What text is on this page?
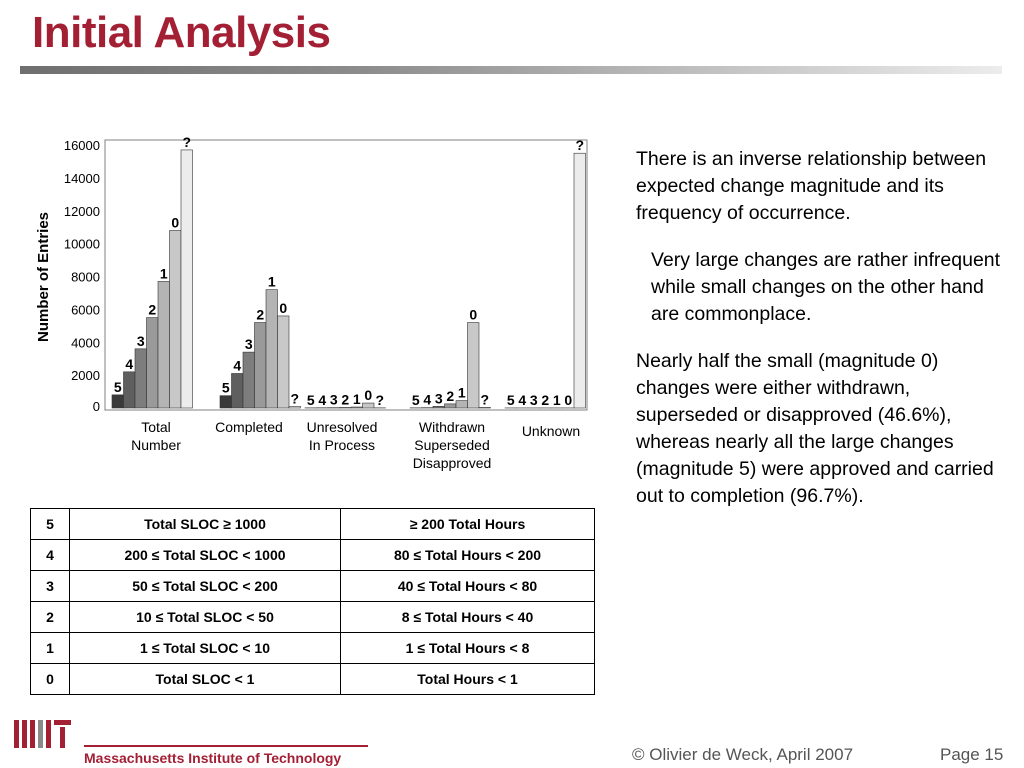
Initial Analysis
Number of Entries
0
2000
4000
6000
8000
10000
12000
14000
16000
5
4
3
2
1
0
?
5
4
3
2
1
0
? 5 4 3 2 1 0 ? 5 4 3 2 1
0
? 5 4 3 2 1 0
?
Total
Number
Completed	Unresolved
In Process
Withdrawn
Superseded
Disapproved
Unknown
5	Total SLOC ≥ 1000	≥ 200 Total Hours
4	200 ≤ Total SLOC < 1000	80 ≤ Total Hours < 200
3	50 ≤ Total SLOC < 200	40 ≤ Total Hours < 80
2	10 ≤ Total SLOC < 50	8 ≤ Total Hours < 40
1	1 ≤ Total SLOC < 10	1 ≤ Total Hours < 8
0	Total SLOC < 1	Total Hours < 1

There is an inverse relationship between expected change magnitude and its frequency of occurrence.

Very large changes are rather infrequent while small changes on the other hand are commonplace.

Nearly half the small (magnitude 0) changes were either withdrawn, superseded or disapproved (46.6%), whereas nearly all the large changes (magnitude 5) were approved and carried out to completion (96.7%).

Massachusetts Institute of Technology	© Olivier de Weck, April 2007	Page 15
